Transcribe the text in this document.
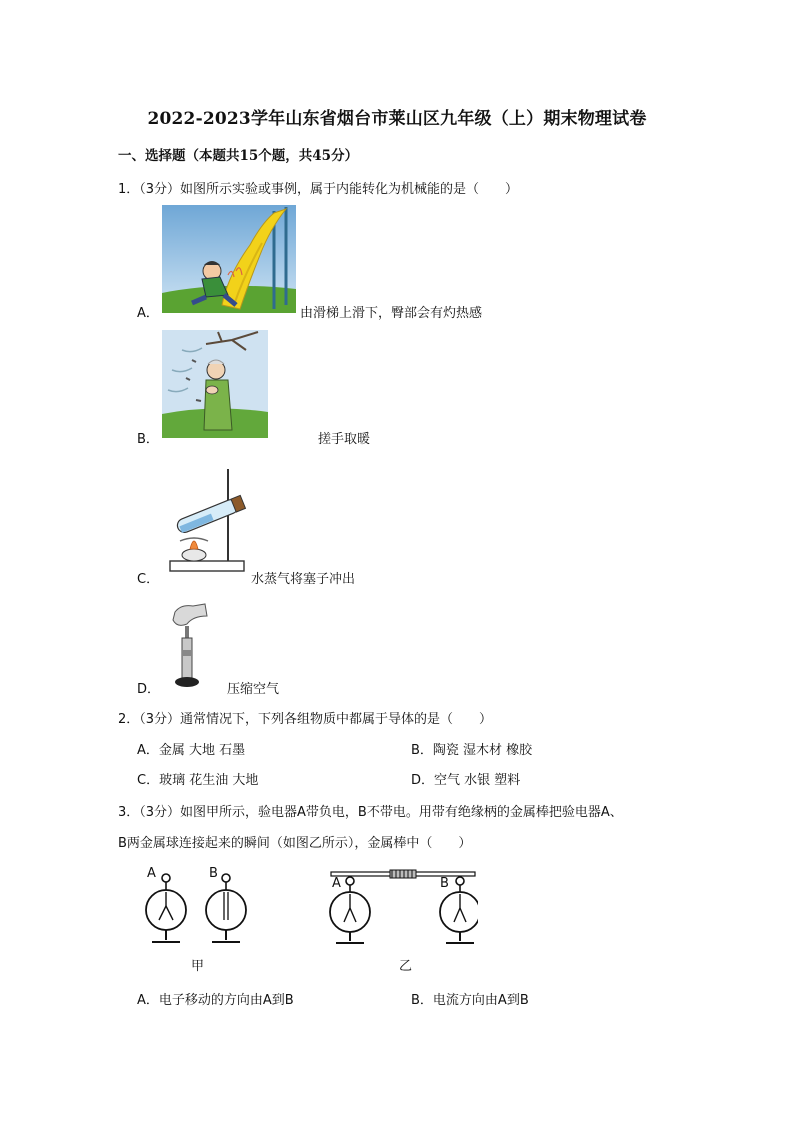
2022-2023学年山东省烟台市莱山区九年级（上）期末物理试卷
一、选择题（本题共15个题，共45分）
1．（3分）如图所示实验或事例，属于内能转化为机械能的是（　　）
A．	由滑梯上滑下，臀部会有灼热感
B．	搓手取暖
C．	水蒸气将塞子冲出
D．	压缩空气
2．（3分）通常情况下，下列各组物质中都属于导体的是（　　）
A．金属 大地 石墨	B．陶瓷 湿木材 橡胶
C．玻璃 花生油 大地	D．空气 水银 塑料
3．（3分）如图甲所示，验电器A带负电，B不带电。用带有绝缘柄的金属棒把验电器A、
B两金属球连接起来的瞬间（如图乙所示），金属棒中（　　）
A	B
甲
A	B
乙
A．电子移动的方向由A到B	B．电流方向由A到B
